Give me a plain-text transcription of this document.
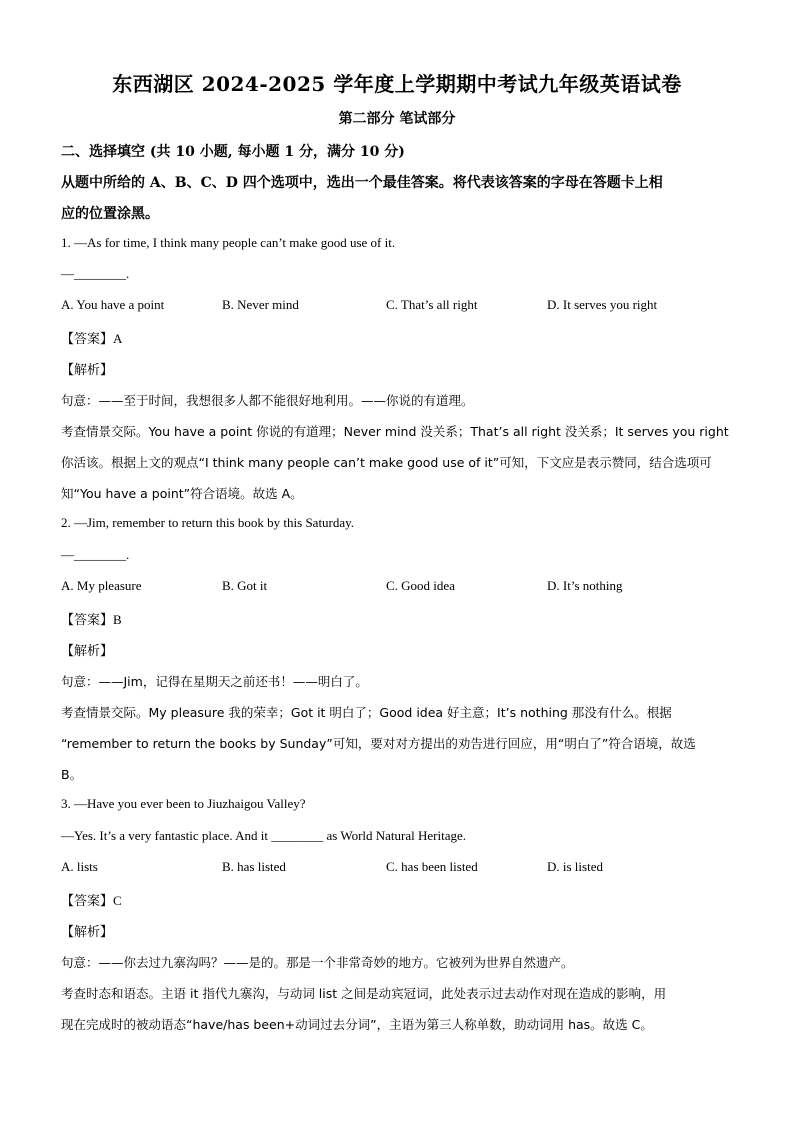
东西湖区 2024-2025 学年度上学期期中考试九年级英语试卷
第二部分 笔试部分
二、选择填空 (共 10 小题, 每小题 1 分，满分 10 分)
从题中所给的 A、B、C、D 四个选项中，选出一个最佳答案。将代表该答案的字母在答题卡上相
应的位置涂黑。
1. —As for time, I think many people can’t make good use of it.
—________.
A. You have a point	B. Never mind	C. That’s all right	D. It serves you right
【答案】A
【解析】
句意：——至于时间，我想很多人都不能很好地利用。——你说的有道理。
考查情景交际。You have a point 你说的有道理；Never mind 没关系；That’s all right 没关系；It serves you right
你活该。根据上文的观点“I think many people can’t make good use of it”可知，下文应是表示赞同，结合选项可
知“You have a point”符合语境。故选 A。
2. —Jim, remember to return this book by this Saturday.
—________.
A. My pleasure	B. Got it	C. Good idea	D. It’s nothing
【答案】B
【解析】
句意：——Jim，记得在星期天之前还书！——明白了。
考查情景交际。My pleasure 我的荣幸；Got it 明白了；Good idea 好主意；It’s nothing 那没有什么。根据
“remember to return the books by Sunday”可知，要对对方提出的劝告进行回应，用“明白了”符合语境，故选
B。
3. —Have you ever been to Jiuzhaigou Valley?
—Yes. It’s a very fantastic place. And it ________ as World Natural Heritage.
A. lists	B. has listed	C. has been listed	D. is listed
【答案】C
【解析】
句意：——你去过九寨沟吗？——是的。那是一个非常奇妙的地方。它被列为世界自然遗产。
考查时态和语态。主语 it 指代九寨沟，与动词 list 之间是动宾冠词，此处表示过去动作对现在造成的影响，用
现在完成时的被动语态“have/has been+动词过去分词”，主语为第三人称单数，助动词用 has。故选 C。
